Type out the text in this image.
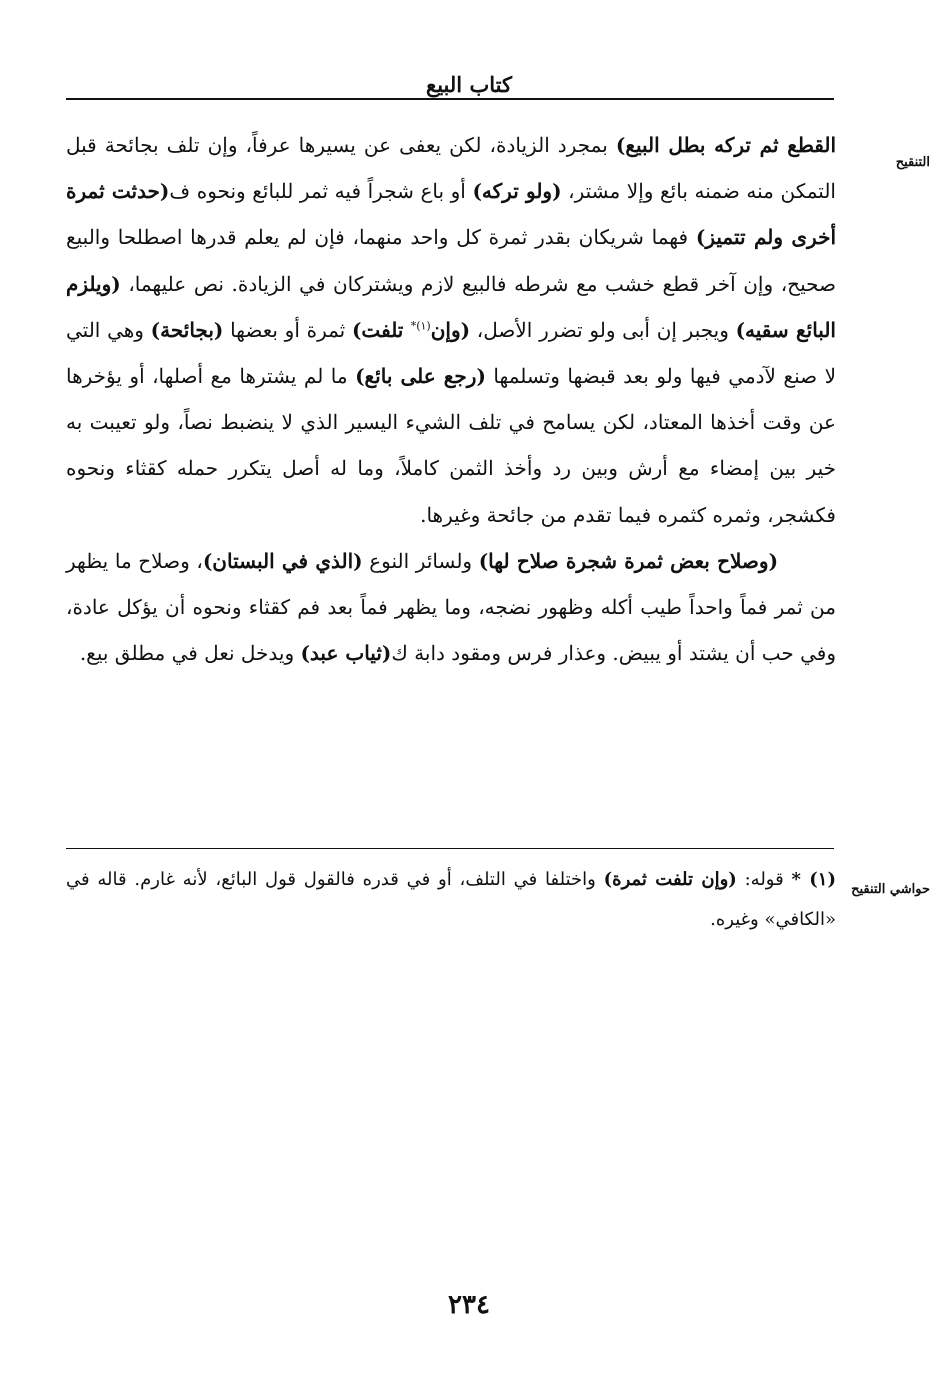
كتاب البيع
التنقيح

القطع ثم تركه بطل البيع) بمجرد الزيادة، لكن يعفى عن يسيرها عرفاً، وإن تلف بجائحة قبل التمكن منه ضمنه بائع وإلا مشتر، (ولو تركه) أو باع شجراً فيه ثمر للبائع ونحوه ف(حدثت ثمرة أخرى ولم تتميز) فهما شريكان بقدر ثمرة كل واحد منهما، فإن لم يعلم قدرها اصطلحا والبيع صحيح، وإن آخر قطع خشب مع شرطه فالبيع لازم ويشتركان في الزيادة. نص عليهما، (ويلزم البائع سقيه) ويجبر إن أبى ولو تضرر الأصل، (وإن$^{(١)*}$ تلفت) ثمرة أو بعضها (بجائحة) وهي التي لا صنع لآدمي فيها ولو بعد قبضها وتسلمها (رجع على بائع) ما لم يشترها مع أصلها، أو يؤخرها عن وقت أخذها المعتاد، لكن يسامح في تلف الشيء اليسير الذي لا ينضبط نصاً، ولو تعيبت به خير بين إمضاء مع أرش وبين رد وأخذ الثمن كاملاً، وما له أصل يتكرر حمله كقثاء ونحوه فكشجر، وثمره كثمره فيما تقدم من جائحة وغيرها.

(وصلاح بعض ثمرة شجرة صلاح لها) ولسائر النوع (الذي في البستان)، وصلاح ما يظهر من ثمر فماً واحداً طيب أكله وظهور نضجه، وما يظهر فماً بعد فم كقثاء ونحوه أن يؤكل عادة، وفي حب أن يشتد أو يبيض. وعذار فرس ومقود دابة ك(ثياب عبد) ويدخل نعل في مطلق بيع.

حواشي التنقيح

(١) * قوله: (وإن تلفت ثمرة) واختلفا في التلف، أو في قدره فالقول قول البائع، لأنه غارم. قاله في «الكافي» وغيره.

٢٣٤
